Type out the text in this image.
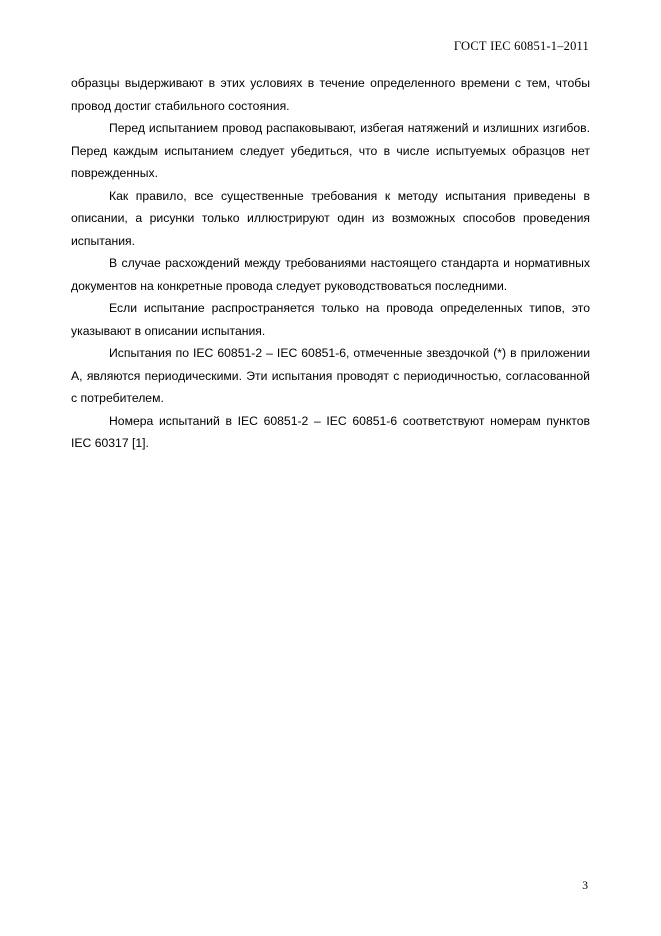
ГОСТ IEC 60851-1–2011

образцы выдерживают в этих условиях в течение определенного времени с тем, чтобы провод достиг стабильного состояния.

Перед испытанием провод распаковывают, избегая натяжений и излишних изгибов. Перед каждым испытанием следует убедиться, что в числе испытуемых образцов нет поврежденных.

Как правило, все существенные требования к методу испытания приведены в описании, а рисунки только иллюстрируют один из возможных способов проведения испытания.

В случае расхождений между требованиями настоящего стандарта и нормативных документов на конкретные провода следует руководствоваться последними.

Если испытание распространяется только на провода определенных типов, это указывают в описании испытания.

Испытания по IEC 60851-2 – IEC 60851-6, отмеченные звездочкой (*) в приложении А, являются периодическими. Эти испытания проводят с периодичностью, согласованной с потребителем.

Номера испытаний в IEC 60851-2 – IEC 60851-6 соответствуют номерам пунктов IEC 60317 [1].

3
